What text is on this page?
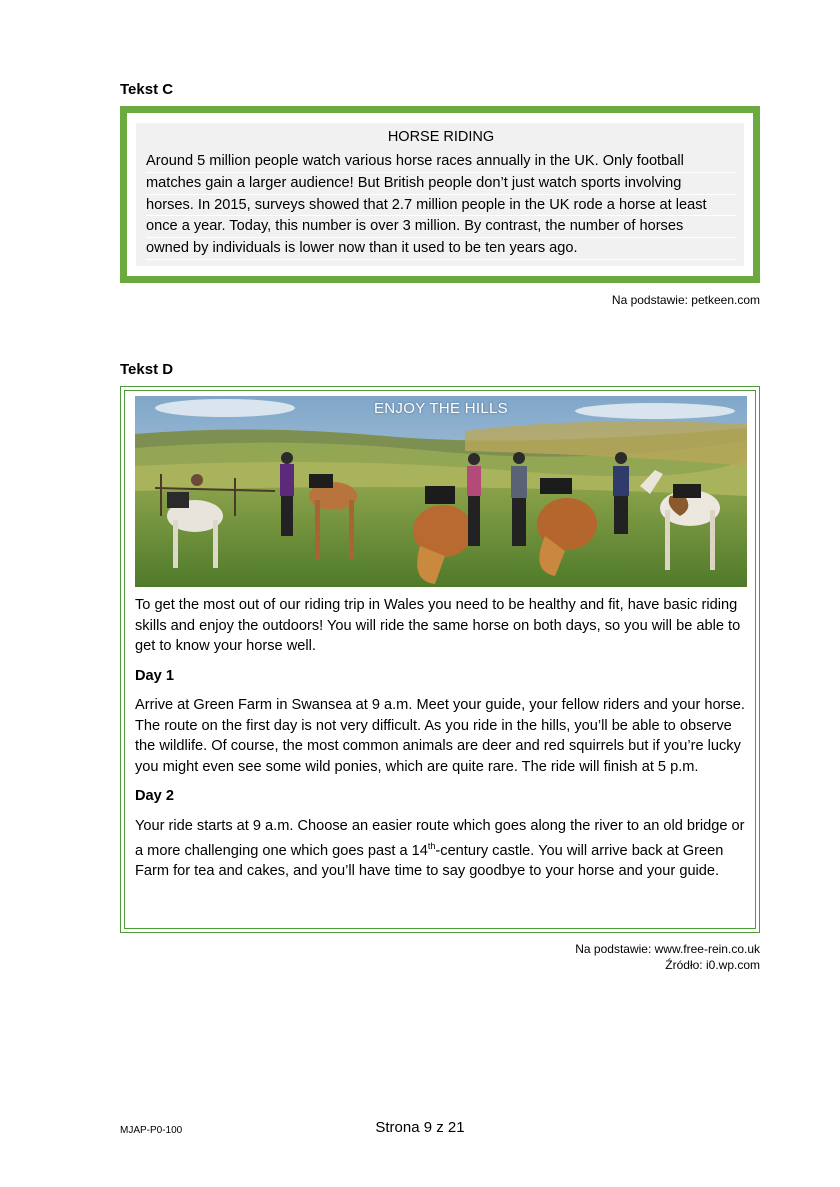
Tekst C
HORSE RIDING
Around 5 million people watch various horse races annually in the UK. Only football
matches gain a larger audience! But British people don’t just watch sports involving
horses. In 2015, surveys showed that 2.7 million people in the UK rode a horse at least
once a year. Today, this number is over 3 million. By contrast, the number of horses
owned by individuals is lower now than it used to be ten years ago.
Na podstawie: petkeen.com
Tekst D
ENJOY THE HILLS

To get the most out of our riding trip in Wales you need to be healthy and fit, have basic riding skills and enjoy the outdoors! You will ride the same horse on both days, so you will be able to get to know your horse well.

Day 1

Arrive at Green Farm in Swansea at 9 a.m. Meet your guide, your fellow riders and your horse. The route on the first day is not very difficult. As you ride in the hills, you’ll be able to observe the wildlife. Of course, the most common animals are deer and red squirrels but if you’re lucky you might even see some wild ponies, which are quite rare. The ride will finish at 5 p.m.

Day 2

Your ride starts at 9 a.m. Choose an easier route which goes along the river to an old bridge or a more challenging one which goes past a 14th-century castle. You will arrive back at Green Farm for tea and cakes, and you’ll have time to say goodbye to your horse and your guide.

Na podstawie: www.free-rein.co.uk
Źródło: i0.wp.com
MJAP-P0-100	Strona 9 z 21
